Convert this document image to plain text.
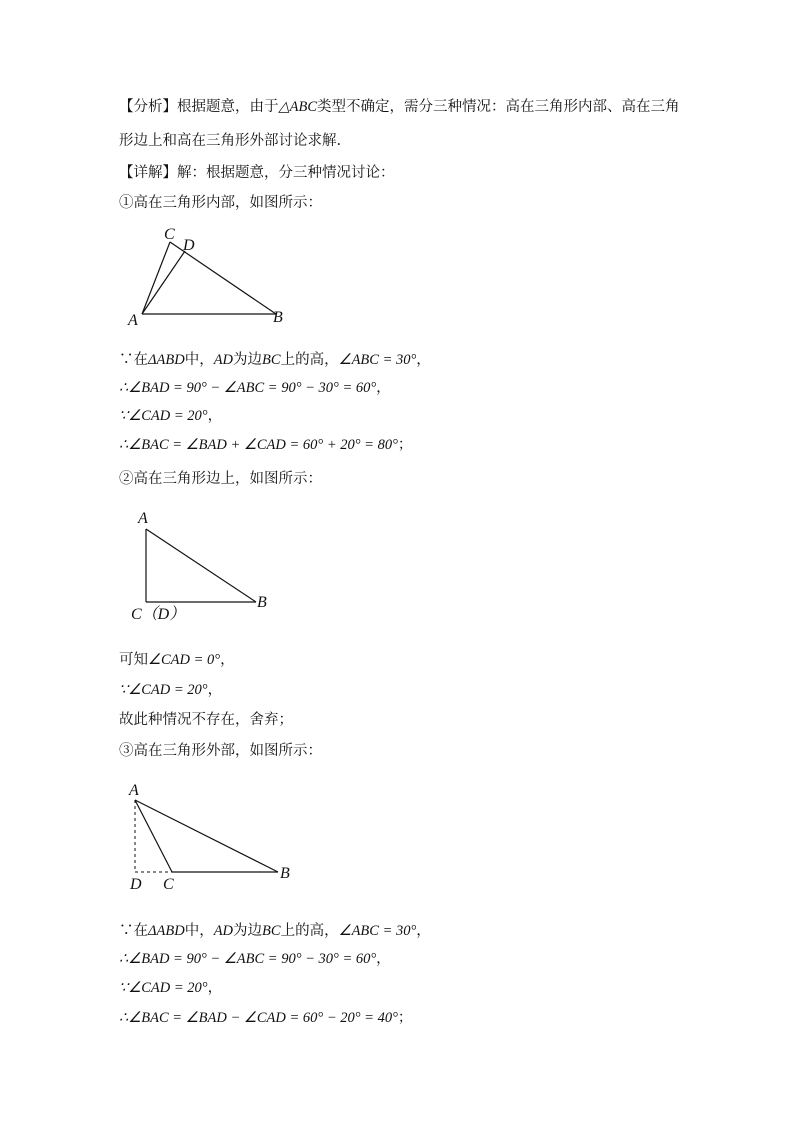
【分析】根据题意，由于△ABC类型不确定，需分三种情况：高在三角形内部、高在三角
形边上和高在三角形外部讨论求解.
【详解】解：根据题意，分三种情况讨论：
①高在三角形内部，如图所示：
A	B
C
D
∵在ΔABD中，AD为边BC上的高，∠ABC = 30°，
∴∠BAD = 90° − ∠ABC = 90° − 30° = 60°，
∵∠CAD = 20°，
∴∠BAC = ∠BAD + ∠CAD = 60° + 20° = 80°；
②高在三角形边上，如图所示：
A
B
C（D）
可知∠CAD = 0°，
∵∠CAD = 20°，
故此种情况不存在，舍弃；
③高在三角形外部，如图所示：
A
B
C
D
∵在ΔABD中，AD为边BC上的高，∠ABC = 30°，
∴∠BAD = 90° − ∠ABC = 90° − 30° = 60°，
∵∠CAD = 20°，
∴∠BAC = ∠BAD − ∠CAD = 60° − 20° = 40°；
